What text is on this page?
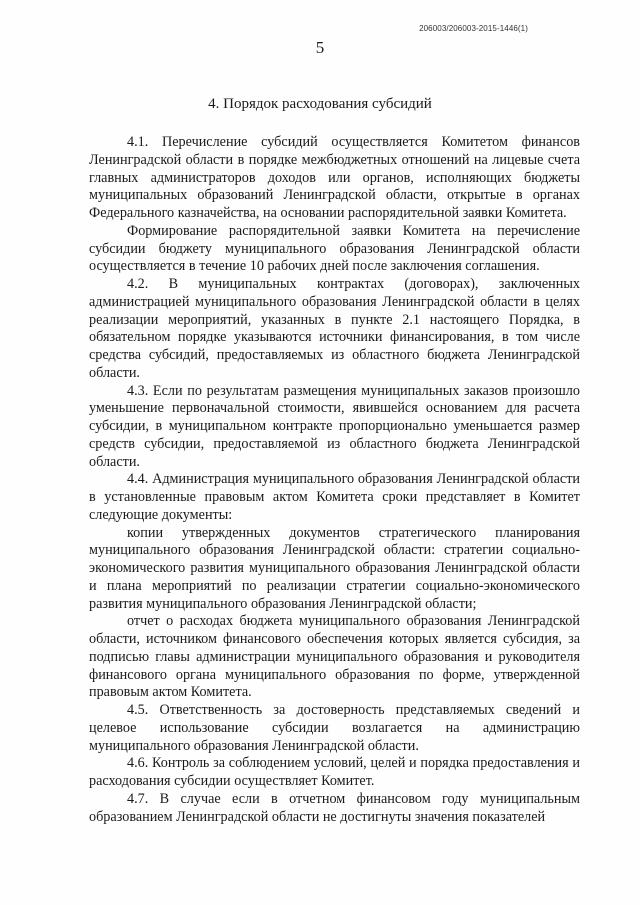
206003/206003-2015-1446(1)
5
4. Порядок расходования субсидий

4.1. Перечисление субсидий осуществляется Комитетом финансов Ленинградской области в порядке межбюджетных отношений на лицевые счета главных администраторов доходов или органов, исполняющих бюджеты муниципальных образований Ленинградской области, открытые в органах Федерального казначейства, на основании распорядительной заявки Комитета.

Формирование распорядительной заявки Комитета на перечисление субсидии бюджету муниципального образования Ленинградской области осуществляется в течение 10 рабочих дней после заключения соглашения.

4.2. В муниципальных контрактах (договорах), заключенных администрацией муниципального образования Ленинградской области в целях реализации мероприятий, указанных в пункте 2.1 настоящего Порядка, в обязательном порядке указываются источники финансирования, в том числе средства субсидий, предоставляемых из областного бюджета Ленинградской области.

4.3. Если по результатам размещения муниципальных заказов произошло уменьшение первоначальной стоимости, явившейся основанием для расчета субсидии, в муниципальном контракте пропорционально уменьшается размер средств субсидии, предоставляемой из областного бюджета Ленинградской области.

4.4. Администрация муниципального образования Ленинградской области в установленные правовым актом Комитета сроки представляет в Комитет следующие документы:

копии утвержденных документов стратегического планирования муниципального образования Ленинградской области: стратегии социально-экономического развития муниципального образования Ленинградской области и плана мероприятий по реализации стратегии социально-экономического развития муниципального образования Ленинградской области;

отчет о расходах бюджета муниципального образования Ленинградской области, источником финансового обеспечения которых является субсидия, за подписью главы администрации муниципального образования и руководителя финансового органа муниципального образования по форме, утвержденной правовым актом Комитета.

4.5. Ответственность за достоверность представляемых сведений и целевое использование субсидии возлагается на администрацию муниципального образования Ленинградской области.

4.6. Контроль за соблюдением условий, целей и порядка предоставления и расходования субсидии осуществляет Комитет.

4.7. В случае если в отчетном финансовом году муниципальным образованием Ленинградской области не достигнуты значения показателей
